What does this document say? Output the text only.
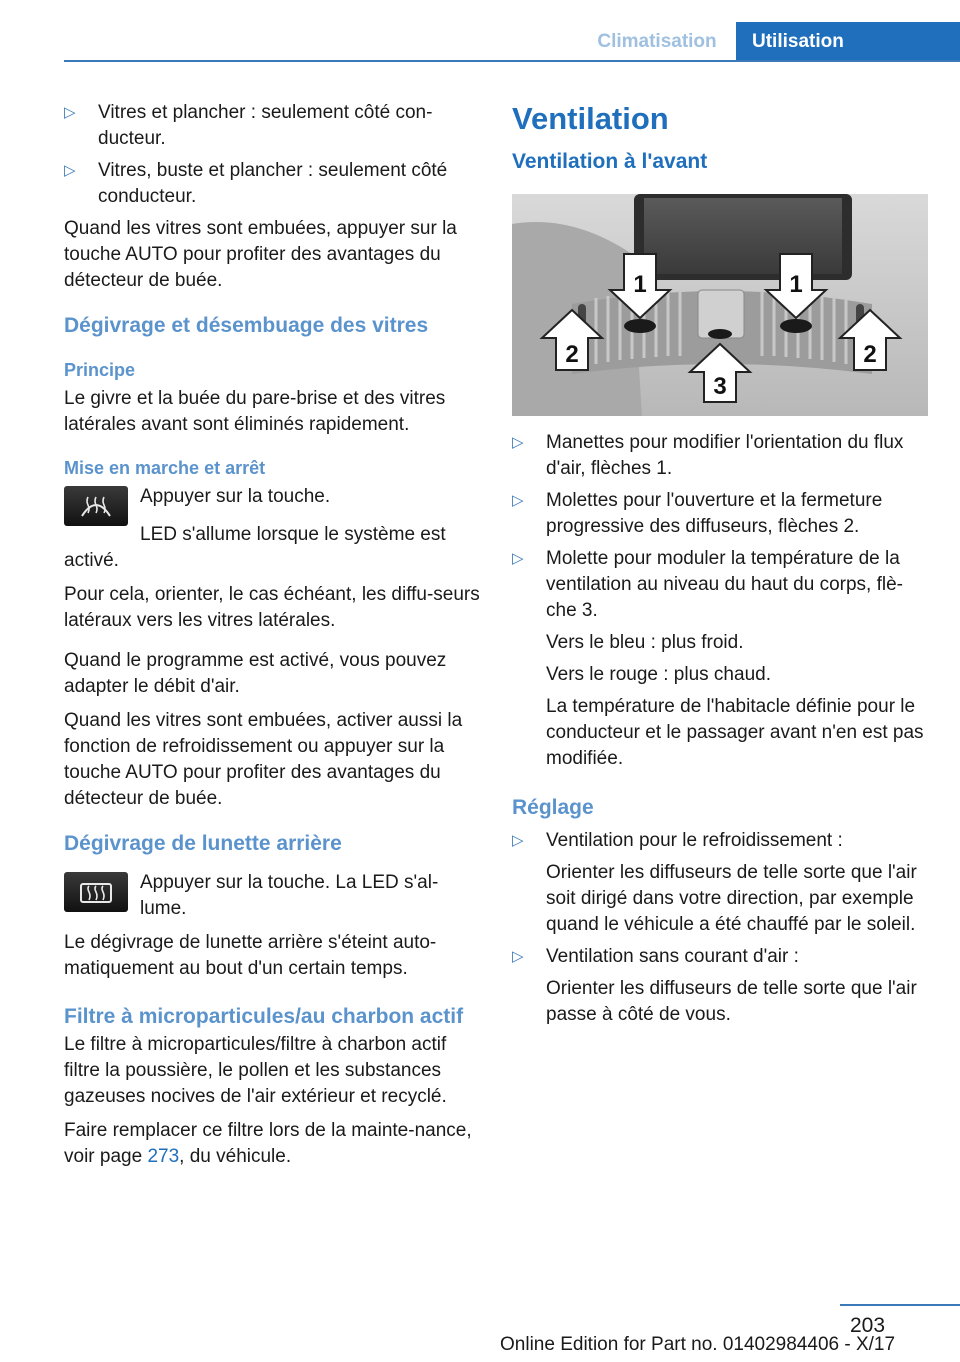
Climatisation	Utilisation
▷	Vitres et plancher : seulement côté con‐ducteur.
▷	Vitres, buste et plancher : seulement côté conducteur.

Quand les vitres sont embuées, appuyer sur la touche AUTO pour profiter des avantages du détecteur de buée.

Dégivrage et désembuage des vitres
Principe

Le givre et la buée du pare-brise et des vitres latérales avant sont éliminés rapidement.

Mise en marche et arrêt

Appuyer sur la touche.

LED s'allume lorsque le système est activé.

Pour cela, orienter, le cas échéant, les diffu‐seurs latéraux vers les vitres latérales.

Quand le programme est activé, vous pouvez adapter le débit d'air.

Quand les vitres sont embuées, activer aussi la fonction de refroidissement ou appuyer sur la touche AUTO pour profiter des avantages du détecteur de buée.

Dégivrage de lunette arrière

Appuyer sur la touche. La LED s'al‐lume.

Le dégivrage de lunette arrière s'éteint auto‐matiquement au bout d'un certain temps.

Filtre à microparticules/au charbon actif

Le filtre à microparticules/filtre à charbon actif filtre la poussière, le pollen et les substances gazeuses nocives de l'air extérieur et recyclé.

Faire remplacer ce filtre lors de la mainte‐nance, voir page 273, du véhicule.

Ventilation
Ventilation à l'avant
1	1
2
3
2
▷	Manettes pour modifier l'orientation du flux d'air, flèches 1.
▷	Molettes pour l'ouverture et la fermeture progressive des diffuseurs, flèches 2.
▷	Molette pour moduler la température de la ventilation au niveau du haut du corps, flè‐che 3.
Vers le bleu : plus froid.
Vers le rouge : plus chaud.
La température de l'habitacle définie pour le conducteur et le passager avant n'en est pas modifiée.
Réglage
▷	Ventilation pour le refroidissement :
Orienter les diffuseurs de telle sorte que l'air soit dirigé dans votre direction, par exemple quand le véhicule a été chauffé par le soleil.
▷	Ventilation sans courant d'air :
Orienter les diffuseurs de telle sorte que l'air passe à côté de vous.
203
Online Edition for Part no. 01402984406 - X/17
